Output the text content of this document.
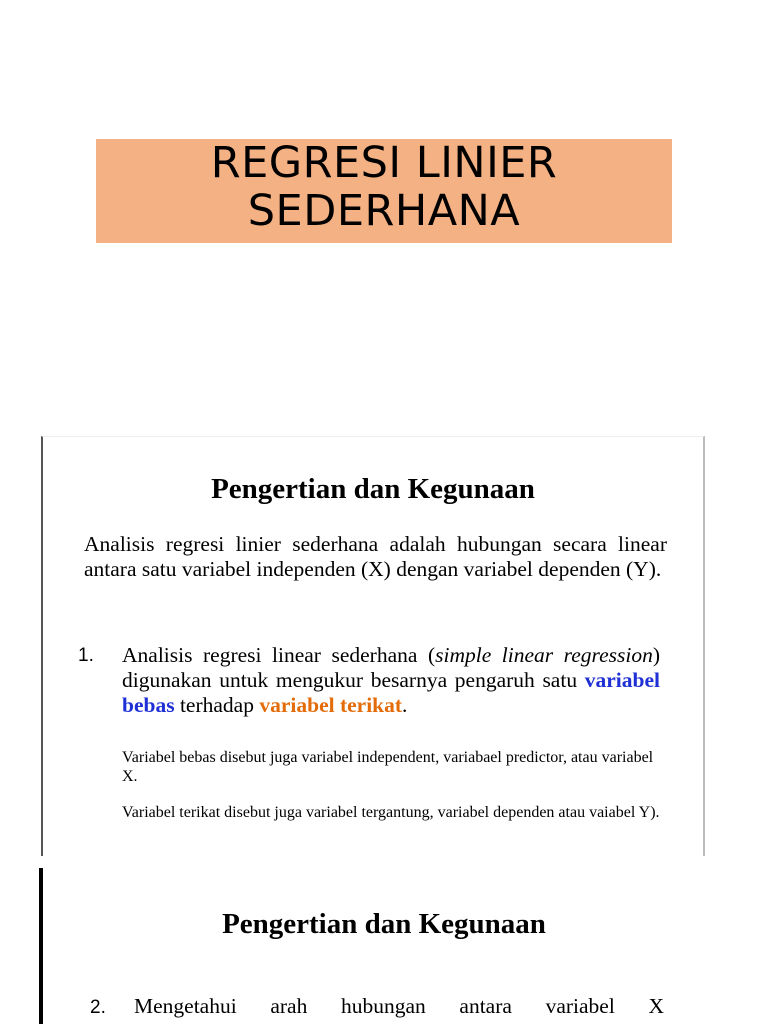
REGRESI LINIER
SEDERHANA
Pengertian dan Kegunaan

Analisis regresi linier sederhana adalah hubungan secara linear antara satu variabel independen (X) dengan variabel dependen (Y).

1. Analisis regresi linear sederhana (simple linear regression) digunakan untuk mengukur besarnya pengaruh satu variabel bebas terhadap variabel terikat.

Variabel bebas disebut juga variabel independent, variabael predictor, atau variabel X.

Variabel terikat disebut juga variabel tergantung, variabel dependen atau vaiabel Y).

Pengertian dan Kegunaan
2. Mengetahui arah hubungan antara variabel X
